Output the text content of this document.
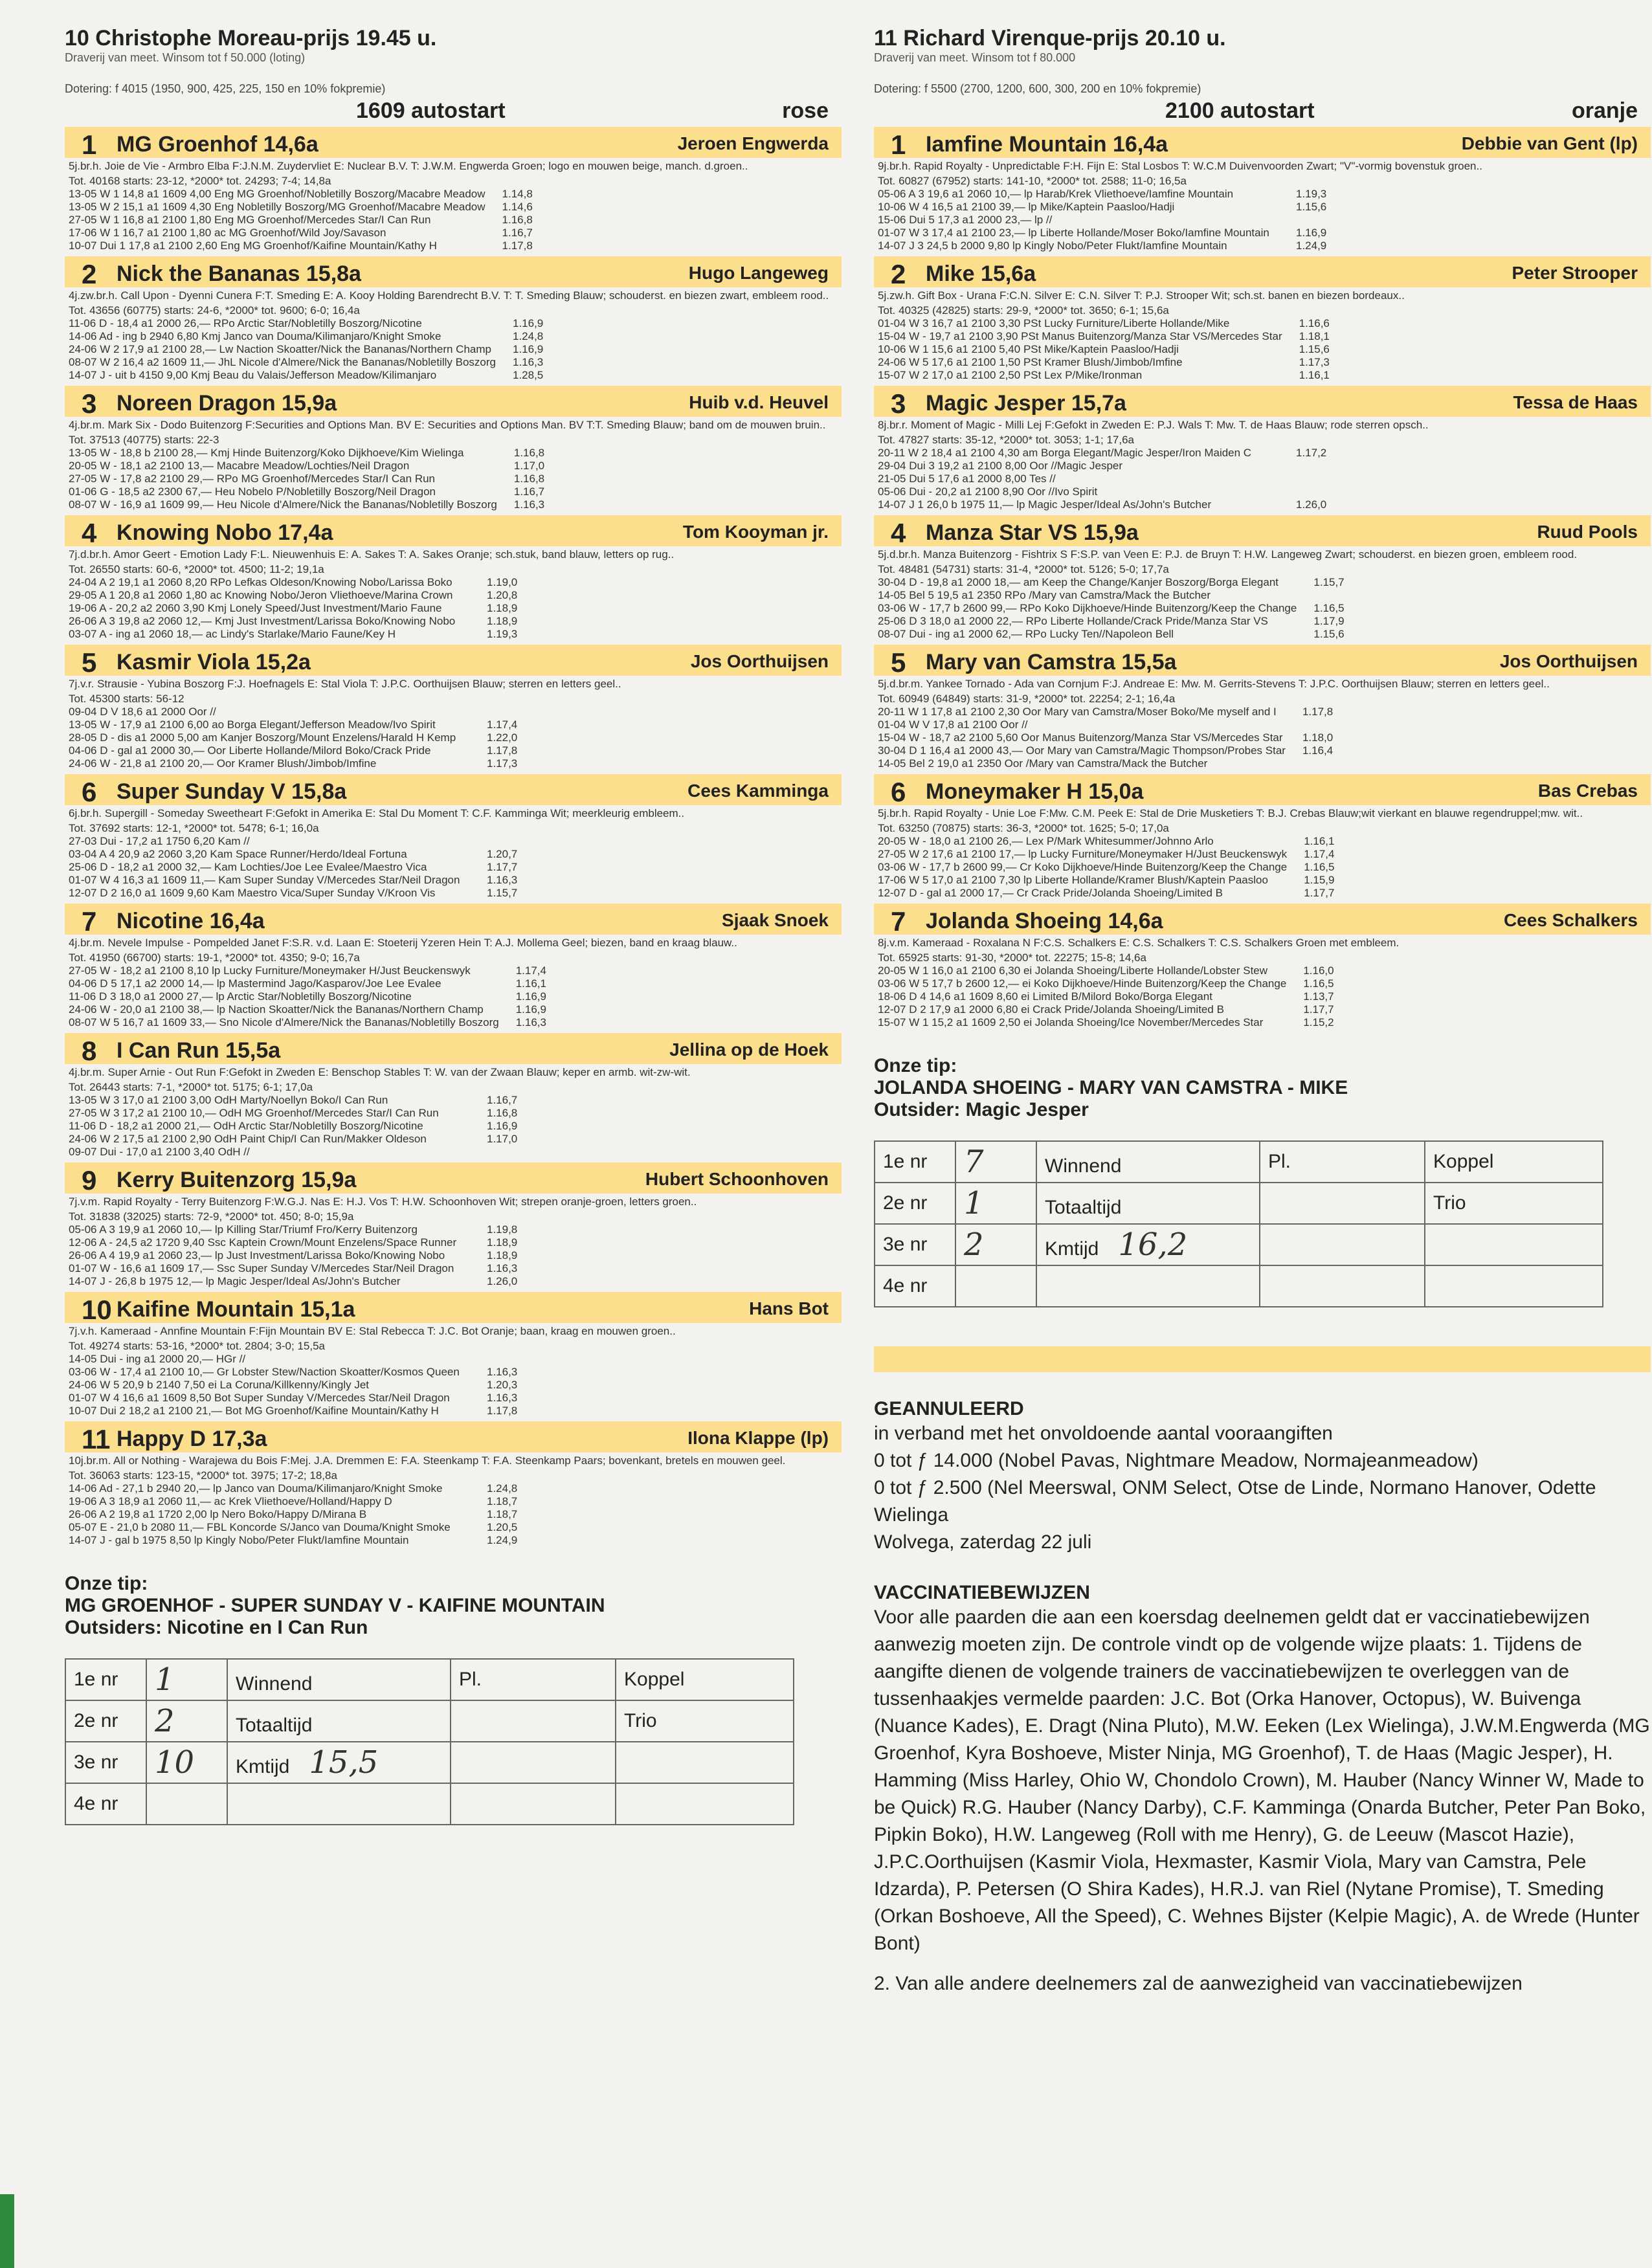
10 Christophe Moreau-prijs 19.45 u.
Draverij van meet. Winsom tot f 50.000 (loting)
Dotering: f 4015 (1950, 900, 425, 225, 150 en 10% fokpremie)
1609 autostart	rose
1 MG Groenhof 14,6a	Jeroen Engwerda
5j.br.h. Joie de Vie - Armbro Elba F:J.N.M. Zuydervliet E: Nuclear B.V. T: J.W.M. Engwerda Groen; logo en mouwen beige, manch. d.groen..
Tot. 40168 starts: 23-12, *2000* tot. 24293; 7-4; 14,8a
13-05 W 1 14,8 a1 1609 4,00 Eng MG Groenhof/Nobletilly Boszorg/Macabre Meadow	1.14,8
13-05 W 2 15,1 a1 1609 4,30 Eng Nobletilly Boszorg/MG Groenhof/Macabre Meadow	1.14,6
27-05 W 1 16,8 a1 2100 1,80 Eng MG Groenhof/Mercedes Star/I Can Run	1.16,8
17-06 W 1 16,7 a1 2100 1,80 ac MG Groenhof/Wild Joy/Savason	1.16,7
10-07 Dui 1 17,8 a1 2100 2,60 Eng MG Groenhof/Kaifine Mountain/Kathy H	1.17,8
2 Nick the Bananas 15,8a	Hugo Langeweg
4j.zw.br.h. Call Upon - Dyenni Cunera F:T. Smeding E: A. Kooy Holding Barendrecht B.V. T: T. Smeding Blauw; schouderst. en biezen zwart, embleem rood..
Tot. 43656 (60775) starts: 24-6, *2000* tot. 9600; 6-0; 16,4a
11-06 D - 18,4 a1 2000 26,— RPo Arctic Star/Nobletilly Boszorg/Nicotine	1.16,9
14-06 Ad - ing b 2940 6,80 Kmj Janco van Douma/Kilimanjaro/Knight Smoke	1.24,8
24-06 W 2 17,9 a1 2100 28,— Lw Naction Skoatter/Nick the Bananas/Northern Champ	1.16,9
08-07 W 2 16,4 a2 1609 11,— JhL Nicole d'Almere/Nick the Bananas/Nobletilly Boszorg	1.16,3
14-07 J - uit b 4150 9,00 Kmj Beau du Valais/Jefferson Meadow/Kilimanjaro	1.28,5
3 Noreen Dragon 15,9a	Huib v.d. Heuvel
4j.br.m. Mark Six - Dodo Buitenzorg F:Securities and Options Man. BV E: Securities and Options Man. BV T:T. Smeding Blauw; band om de mouwen bruin..
Tot. 37513 (40775) starts: 22-3
13-05 W - 18,8 b 2100 28,— Kmj Hinde Buitenzorg/Koko Dijkhoeve/Kim Wielinga	1.16,8
20-05 W - 18,1 a2 2100 13,— Macabre Meadow/Lochties/Neil Dragon	1.17,0
27-05 W - 17,8 a2 2100 29,— RPo MG Groenhof/Mercedes Star/I Can Run	1.16,8
01-06 G - 18,5 a2 2300 67,— Heu Nobelo P/Nobletilly Boszorg/Neil Dragon	1.16,7
08-07 W - 16,9 a1 1609 99,— Heu Nicole d'Almere/Nick the Bananas/Nobletilly Boszorg	1.16,3
4 Knowing Nobo 17,4a	Tom Kooyman jr.
7j.d.br.h. Amor Geert - Emotion Lady F:L. Nieuwenhuis E: A. Sakes T: A. Sakes Oranje; sch.stuk, band blauw, letters op rug..
Tot. 26550 starts: 60-6, *2000* tot. 4500; 11-2; 19,1a
24-04 A 2 19,1 a1 2060 8,20 RPo Lefkas Oldeson/Knowing Nobo/Larissa Boko	1.19,0
29-05 A 1 20,8 a1 2060 1,80 ac Knowing Nobo/Jeron Vliethoeve/Marina Crown	1.20,8
19-06 A - 20,2 a2 2060 3,90 Kmj Lonely Speed/Just Investment/Mario Faune	1.18,9
26-06 A 3 19,8 a2 2060 12,— Kmj Just Investment/Larissa Boko/Knowing Nobo	1.18,9
03-07 A - ing a1 2060 18,— ac Lindy's Starlake/Mario Faune/Key H	1.19,3
5 Kasmir Viola 15,2a	Jos Oorthuijsen
7j.v.r. Strausie - Yubina Boszorg F:J. Hoefnagels E: Stal Viola T: J.P.C. Oorthuijsen Blauw; sterren en letters geel..
Tot. 45300 starts: 56-12
09-04 D V 18,6 a1 2000 Oor //	
13-05 W - 17,9 a1 2100 6,00 ao Borga Elegant/Jefferson Meadow/Ivo Spirit	1.17,4
28-05 D - dis a1 2000 5,00 am Kanjer Boszorg/Mount Enzelens/Harald H Kemp	1.22,0
04-06 D - gal a1 2000 30,— Oor Liberte Hollande/Milord Boko/Crack Pride	1.17,8
24-06 W - 21,8 a1 2100 20,— Oor Kramer Blush/Jimbob/Imfine	1.17,3
6 Super Sunday V 15,8a	Cees Kamminga
6j.br.h. Supergill - Someday Sweetheart F:Gefokt in Amerika E: Stal Du Moment T: C.F. Kamminga Wit; meerkleurig embleem..
Tot. 37692 starts: 12-1, *2000* tot. 5478; 6-1; 16,0a
27-03 Dui - 17,2 a1 1750 6,20 Kam //	
03-04 A 4 20,9 a2 2060 3,20 Kam Space Runner/Herdo/Ideal Fortuna	1.20,7
25-06 D - 18,2 a1 2000 32,— Kam Lochties/Joe Lee Evalee/Maestro Vica	1.17,7
01-07 W 4 16,3 a1 1609 11,— Kam Super Sunday V/Mercedes Star/Neil Dragon	1.16,3
12-07 D 2 16,0 a1 1609 9,60 Kam Maestro Vica/Super Sunday V/Kroon Vis	1.15,7
7 Nicotine 16,4a	Sjaak Snoek
4j.br.m. Nevele Impulse - Pompelded Janet F:S.R. v.d. Laan E: Stoeterij Yzeren Hein T: A.J. Mollema Geel; biezen, band en kraag blauw..
Tot. 41950 (66700) starts: 19-1, *2000* tot. 4350; 9-0; 16,7a
27-05 W - 18,2 a1 2100 8,10 lp Lucky Furniture/Moneymaker H/Just Beuckenswyk	1.17,4
04-06 D 5 17,1 a2 2000 14,— lp Mastermind Jago/Kasparov/Joe Lee Evalee	1.16,1
11-06 D 3 18,0 a1 2000 27,— lp Arctic Star/Nobletilly Boszorg/Nicotine	1.16,9
24-06 W - 20,0 a1 2100 38,— lp Naction Skoatter/Nick the Bananas/Northern Champ	1.16,9
08-07 W 5 16,7 a1 1609 33,— Sno Nicole d'Almere/Nick the Bananas/Nobletilly Boszorg	1.16,3
8 I Can Run 15,5a	Jellina op de Hoek
4j.br.m. Super Arnie - Out Run F:Gefokt in Zweden E: Benschop Stables T: W. van der Zwaan Blauw; keper en armb. wit-zw-wit.
Tot. 26443 starts: 7-1, *2000* tot. 5175; 6-1; 17,0a
13-05 W 3 17,0 a1 2100 3,00 OdH Marty/Noellyn Boko/I Can Run	1.16,7
27-05 W 3 17,2 a1 2100 10,— OdH MG Groenhof/Mercedes Star/I Can Run	1.16,8
11-06 D - 18,2 a1 2000 21,— OdH Arctic Star/Nobletilly Boszorg/Nicotine	1.16,9
24-06 W 2 17,5 a1 2100 2,90 OdH Paint Chip/I Can Run/Makker Oldeson	1.17,0
09-07 Dui - 17,0 a1 2100 3,40 OdH //	
9 Kerry Buitenzorg 15,9a	Hubert Schoonhoven
7j.v.m. Rapid Royalty - Terry Buitenzorg F:W.G.J. Nas E: H.J. Vos T: H.W. Schoonhoven Wit; strepen oranje-groen, letters groen..
Tot. 31838 (32025) starts: 72-9, *2000* tot. 450; 8-0; 15,9a
05-06 A 3 19,9 a1 2060 10,— lp Killing Star/Triumf Fro/Kerry Buitenzorg	1.19,8
12-06 A - 24,5 a2 1720 9,40 Ssc Kaptein Crown/Mount Enzelens/Space Runner	1.18,9
26-06 A 4 19,9 a1 2060 23,— lp Just Investment/Larissa Boko/Knowing Nobo	1.18,9
01-07 W - 16,6 a1 1609 17,— Ssc Super Sunday V/Mercedes Star/Neil Dragon	1.16,3
14-07 J - 26,8 b 1975 12,— lp Magic Jesper/Ideal As/John's Butcher	1.26,0
10 Kaifine Mountain 15,1a	Hans Bot
7j.v.h. Kameraad - Annfine Mountain F:Fijn Mountain BV E: Stal Rebecca T: J.C. Bot Oranje; baan, kraag en mouwen groen..
Tot. 49274 starts: 53-16, *2000* tot. 2804; 3-0; 15,5a
14-05 Dui - ing a1 2000 20,— HGr //	
03-06 W - 17,4 a1 2100 10,— Gr Lobster Stew/Naction Skoatter/Kosmos Queen	1.16,3
24-06 W 5 20,9 b 2140 7,50 ei La Coruna/Killkenny/Kingly Jet	1.20,3
01-07 W 4 16,6 a1 1609 8,50 Bot Super Sunday V/Mercedes Star/Neil Dragon	1.16,3
10-07 Dui 2 18,2 a1 2100 21,— Bot MG Groenhof/Kaifine Mountain/Kathy H	1.17,8
11 Happy D 17,3a	Ilona Klappe (lp)
10j.br.m. All or Nothing - Warajewa du Bois F:Mej. J.A. Dremmen E: F.A. Steenkamp T: F.A. Steenkamp Paars; bovenkant, bretels en mouwen geel.
Tot. 36063 starts: 123-15, *2000* tot. 3975; 17-2; 18,8a
14-06 Ad - 27,1 b 2940 20,— lp Janco van Douma/Kilimanjaro/Knight Smoke	1.24,8
19-06 A 3 18,9 a1 2060 11,— ac Krek Vliethoeve/Holland/Happy D	1.18,7
26-06 A 2 19,8 a1 1720 2,00 lp Nero Boko/Happy D/Mirana B	1.18,7
05-07 E - 21,0 b 2080 11,— FBL Koncorde S/Janco van Douma/Knight Smoke	1.20,5
14-07 J - gal b 1975 8,50 lp Kingly Nobo/Peter Flukt/Iamfine Mountain	1.24,9
Onze tip:
MG GROENHOF - SUPER SUNDAY V - KAIFINE MOUNTAIN
Outsiders: Nicotine en I Can Run
1e nr	1	Winnend	Pl.	Koppel
2e nr	2	Totaaltijd		Trio
3e nr	10	Kmtijd 15,5		
4e nr				
11 Richard Virenque-prijs 20.10 u.
Draverij van meet. Winsom tot f 80.000
Dotering: f 5500 (2700, 1200, 600, 300, 200 en 10% fokpremie)
2100 autostart	oranje
1 Iamfine Mountain 16,4a	Debbie van Gent (lp)
9j.br.h. Rapid Royalty - Unpredictable F:H. Fijn E: Stal Losbos T: W.C.M Duivenvoorden Zwart; "V"-vormig bovenstuk groen..
Tot. 60827 (67952) starts: 141-10, *2000* tot. 2588; 11-0; 16,5a
05-06 A 3 19,6 a1 2060 10,— lp Harab/Krek Vliethoeve/Iamfine Mountain	1.19,3
10-06 W 4 16,5 a1 2100 39,— lp Mike/Kaptein Paasloo/Hadji	1.15,6
15-06 Dui 5 17,3 a1 2000 23,— lp //	
01-07 W 3 17,4 a1 2100 23,— lp Liberte Hollande/Moser Boko/Iamfine Mountain	1.16,9
14-07 J 3 24,5 b 2000 9,80 lp Kingly Nobo/Peter Flukt/Iamfine Mountain	1.24,9
2 Mike 15,6a	Peter Strooper
5j.zw.h. Gift Box - Urana F:C.N. Silver E: C.N. Silver T: P.J. Strooper Wit; sch.st. banen en biezen bordeaux..
Tot. 40325 (42825) starts: 29-9, *2000* tot. 3650; 6-1; 15,6a
01-04 W 3 16,7 a1 2100 3,30 PSt Lucky Furniture/Liberte Hollande/Mike	1.16,6
15-04 W - 19,7 a1 2100 3,90 PSt Manus Buitenzorg/Manza Star VS/Mercedes Star	1.18,1
10-06 W 1 15,6 a1 2100 5,40 PSt Mike/Kaptein Paasloo/Hadji	1.15,6
24-06 W 5 17,6 a1 2100 1,50 PSt Kramer Blush/Jimbob/Imfine	1.17,3
15-07 W 2 17,0 a1 2100 2,50 PSt Lex P/Mike/Ironman	1.16,1
3 Magic Jesper 15,7a	Tessa de Haas
8j.br.r. Moment of Magic - Milli Lej F:Gefokt in Zweden E: P.J. Wals T: Mw. T. de Haas Blauw; rode sterren opsch..
Tot. 47827 starts: 35-12, *2000* tot. 3053; 1-1; 17,6a
20-11 W 2 18,4 a1 2100 4,30 am Borga Elegant/Magic Jesper/Iron Maiden C	1.17,2
29-04 Dui 3 19,2 a1 2100 8,00 Oor //Magic Jesper	
21-05 Dui 5 17,6 a1 2000 8,00 Tes //	
05-06 Dui - 20,2 a1 2100 8,90 Oor //Ivo Spirit	
14-07 J 1 26,0 b 1975 11,— lp Magic Jesper/Ideal As/John's Butcher	1.26,0
4 Manza Star VS 15,9a	Ruud Pools
5j.d.br.h. Manza Buitenzorg - Fishtrix S F:S.P. van Veen E: P.J. de Bruyn T: H.W. Langeweg Zwart; schouderst. en biezen groen, embleem rood.
Tot. 48481 (54731) starts: 31-4, *2000* tot. 5126; 5-0; 17,7a
30-04 D - 19,8 a1 2000 18,— am Keep the Change/Kanjer Boszorg/Borga Elegant	1.15,7
14-05 Bel 5 19,5 a1 2350 RPo /Mary van Camstra/Mack the Butcher	
03-06 W - 17,7 b 2600 99,— RPo Koko Dijkhoeve/Hinde Buitenzorg/Keep the Change	1.16,5
25-06 D 3 18,0 a1 2000 22,— RPo Liberte Hollande/Crack Pride/Manza Star VS	1.17,9
08-07 Dui - ing a1 2000 62,— RPo Lucky Ten//Napoleon Bell	1.15,6
5 Mary van Camstra 15,5a	Jos Oorthuijsen
5j.d.br.m. Yankee Tornado - Ada van Cornjum F:J. Andreae E: Mw. M. Gerrits-Stevens T: J.P.C. Oorthuijsen Blauw; sterren en letters geel..
Tot. 60949 (64849) starts: 31-9, *2000* tot. 22254; 2-1; 16,4a
20-11 W 1 17,8 a1 2100 2,30 Oor Mary van Camstra/Moser Boko/Me myself and I	1.17,8
01-04 W V 17,8 a1 2100 Oor //	
15-04 W - 18,7 a2 2100 5,60 Oor Manus Buitenzorg/Manza Star VS/Mercedes Star	1.18,0
30-04 D 1 16,4 a1 2000 43,— Oor Mary van Camstra/Magic Thompson/Probes Star	1.16,4
14-05 Bel 2 19,0 a1 2350 Oor /Mary van Camstra/Mack the Butcher	
6 Moneymaker H 15,0a	Bas Crebas
5j.br.h. Rapid Royalty - Unie Loe F:Mw. C.M. Peek E: Stal de Drie Musketiers T: B.J. Crebas Blauw;wit vierkant en blauwe regendruppel;mw. wit..
Tot. 63250 (70875) starts: 36-3, *2000* tot. 1625; 5-0; 17,0a
20-05 W - 18,0 a1 2100 26,— Lex P/Mark Whitesummer/Johnno Arlo	1.16,1
27-05 W 2 17,6 a1 2100 17,— lp Lucky Furniture/Moneymaker H/Just Beuckenswyk	1.17,4
03-06 W - 17,7 b 2600 99,— Cr Koko Dijkhoeve/Hinde Buitenzorg/Keep the Change	1.16,5
17-06 W 5 17,0 a1 2100 7,30 lp Liberte Hollande/Kramer Blush/Kaptein Paasloo	1.15,9
12-07 D - gal a1 2000 17,— Cr Crack Pride/Jolanda Shoeing/Limited B	1.17,7
7 Jolanda Shoeing 14,6a	Cees Schalkers
8j.v.m. Kameraad - Roxalana N F:C.S. Schalkers E: C.S. Schalkers T: C.S. Schalkers Groen met embleem.
Tot. 65925 starts: 91-30, *2000* tot. 22275; 15-8; 14,6a
20-05 W 1 16,0 a1 2100 6,30 ei Jolanda Shoeing/Liberte Hollande/Lobster Stew	1.16,0
03-06 W 5 17,7 b 2600 12,— ei Koko Dijkhoeve/Hinde Buitenzorg/Keep the Change	1.16,5
18-06 D 4 14,6 a1 1609 8,60 ei Limited B/Milord Boko/Borga Elegant	1.13,7
12-07 D 2 17,9 a1 2000 6,80 ei Crack Pride/Jolanda Shoeing/Limited B	1.17,7
15-07 W 1 15,2 a1 1609 2,50 ei Jolanda Shoeing/Ice November/Mercedes Star	1.15,2
Onze tip:
JOLANDA SHOEING - MARY VAN CAMSTRA - MIKE
Outsider: Magic Jesper
1e nr	7	Winnend	Pl.	Koppel
2e nr	1	Totaaltijd		Trio
3e nr	2	Kmtijd 16,2		
4e nr				
GEANNULEERD
in verband met het onvoldoende aantal vooraangiften
0 tot ƒ 14.000 (Nobel Pavas, Nightmare Meadow, Normajeanmeadow)
0 tot ƒ 2.500 (Nel Meerswal, ONM Select, Otse de Linde, Normano Hanover, Odette Wielinga
Wolvega, zaterdag 22 juli
VACCINATIEBEWIJZEN
Voor alle paarden die aan een koersdag deelnemen geldt dat er vaccinatiebewijzen aanwezig moeten zijn. De controle vindt op de volgende wijze plaats: 1. Tijdens de aangifte dienen de volgende trainers de vaccinatiebewijzen te overleggen van de tussenhaakjes vermelde paarden: J.C. Bot (Orka Hanover, Octopus), W. Buivenga (Nuance Kades), E. Dragt (Nina Pluto), M.W. Eeken (Lex Wielinga), J.W.M.Engwerda (MG Groenhof, Kyra Boshoeve, Mister Ninja, MG Groenhof), T. de Haas (Magic Jesper), H. Hamming (Miss Harley, Ohio W, Chondolo Crown), M. Hauber (Nancy Winner W, Made to be Quick) R.G. Hauber (Nancy Darby), C.F. Kamminga (Onarda Butcher, Peter Pan Boko, Pipkin Boko), H.W. Langeweg (Roll with me Henry), G. de Leeuw (Mascot Hazie), J.P.C.Oorthuijsen (Kasmir Viola, Hexmaster, Kasmir Viola, Mary van Camstra, Pele Idzarda), P. Petersen (O Shira Kades), H.R.J. van Riel (Nytane Promise), T. Smeding (Orkan Boshoeve, All the Speed), C. Wehnes Bijster (Kelpie Magic), A. de Wrede (Hunter Bont)
2. Van alle andere deelnemers zal de aanwezigheid van vaccinatiebewijzen
